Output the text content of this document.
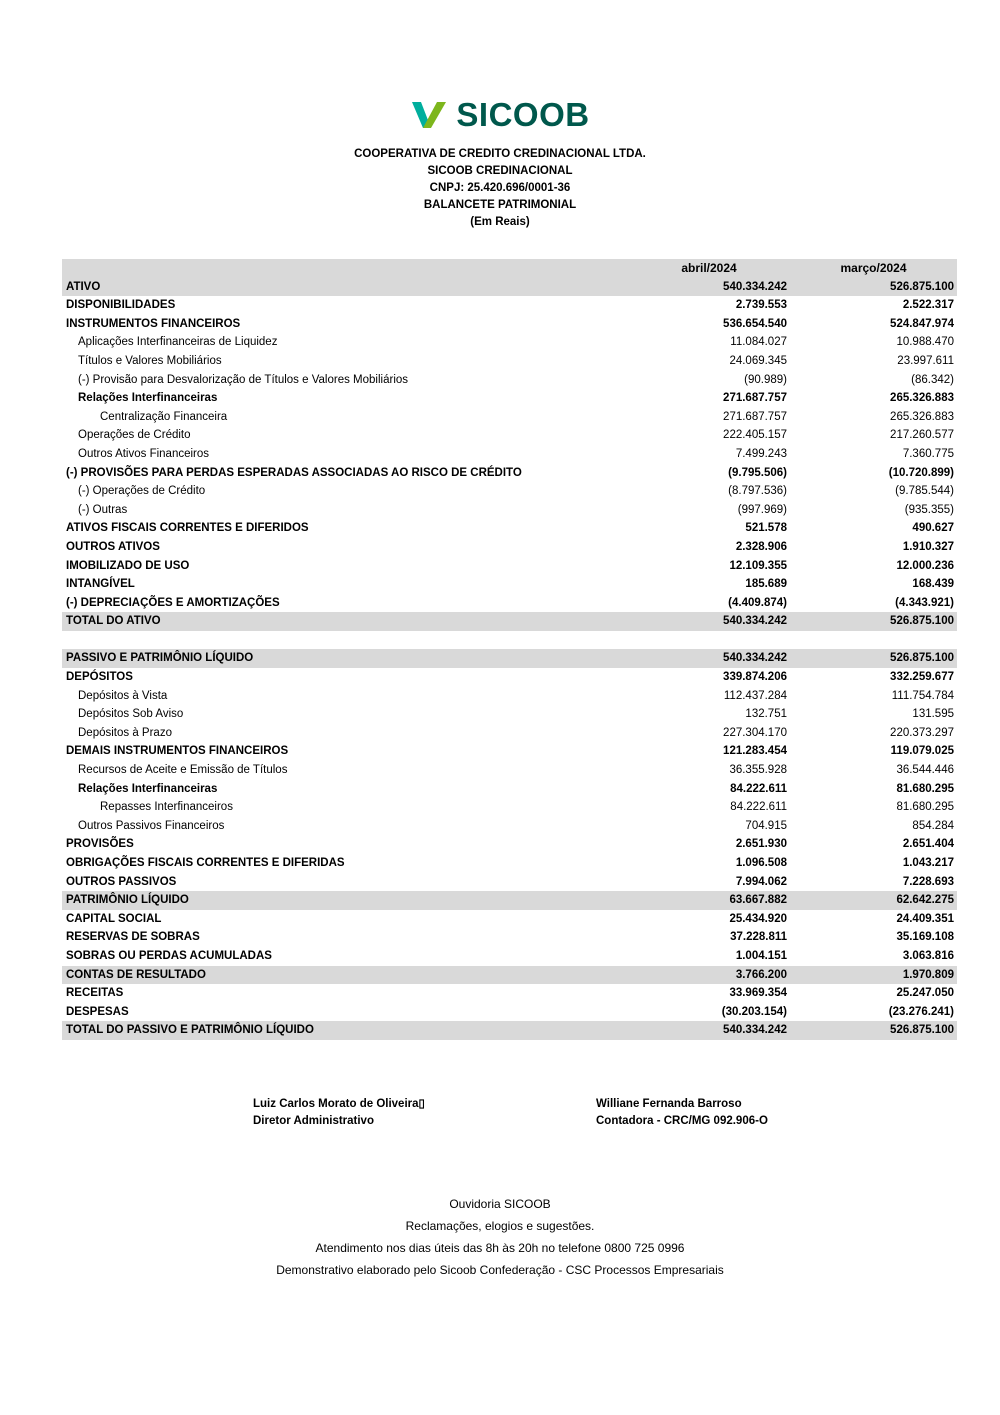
SICOOB
COOPERATIVA DE CREDITO CREDINACIONAL LTDA.
SICOOB CREDINACIONAL
CNPJ: 25.420.696/0001-36
BALANCETE PATRIMONIAL
(Em Reais)
	abril/2024	março/2024
ATIVO	540.334.242	526.875.100
DISPONIBILIDADES	2.739.553	2.522.317
INSTRUMENTOS FINANCEIROS	536.654.540	524.847.974
Aplicações Interfinanceiras de Liquidez	11.084.027	10.988.470
Títulos e Valores Mobiliários	24.069.345	23.997.611
(-) Provisão para Desvalorização de Títulos e Valores Mobiliários	(90.989)	(86.342)
Relações Interfinanceiras	271.687.757	265.326.883
Centralização Financeira	271.687.757	265.326.883
Operações de Crédito	222.405.157	217.260.577
Outros Ativos Financeiros	7.499.243	7.360.775
(-) PROVISÕES PARA PERDAS ESPERADAS ASSOCIADAS AO RISCO DE CRÉDITO	(9.795.506)	(10.720.899)
(-) Operações de Crédito	(8.797.536)	(9.785.544)
(-) Outras	(997.969)	(935.355)
ATIVOS FISCAIS CORRENTES E DIFERIDOS	521.578	490.627
OUTROS ATIVOS	2.328.906	1.910.327
IMOBILIZADO DE USO	12.109.355	12.000.236
INTANGÍVEL	185.689	168.439
(-) DEPRECIAÇÕES E AMORTIZAÇÕES	(4.409.874)	(4.343.921)
TOTAL DO ATIVO	540.334.242	526.875.100

PASSIVO E PATRIMÔNIO LÍQUIDO	540.334.242	526.875.100
DEPÓSITOS	339.874.206	332.259.677
Depósitos à Vista	112.437.284	111.754.784
Depósitos Sob Aviso	132.751	131.595
Depósitos à Prazo	227.304.170	220.373.297
DEMAIS INSTRUMENTOS FINANCEIROS	121.283.454	119.079.025
Recursos de Aceite e Emissão de Títulos	36.355.928	36.544.446
Relações Interfinanceiras	84.222.611	81.680.295
Repasses Interfinanceiros	84.222.611	81.680.295
Outros Passivos Financeiros	704.915	854.284
PROVISÕES	2.651.930	2.651.404
OBRIGAÇÕES FISCAIS CORRENTES E DIFERIDAS	1.096.508	1.043.217
OUTROS PASSIVOS	7.994.062	7.228.693
PATRIMÔNIO LÍQUIDO	63.667.882	62.642.275
CAPITAL SOCIAL	25.434.920	24.409.351
RESERVAS DE SOBRAS	37.228.811	35.169.108
SOBRAS OU PERDAS ACUMULADAS	1.004.151	3.063.816
CONTAS DE RESULTADO	3.766.200	1.970.809
RECEITAS	33.969.354	25.247.050
DESPESAS	(30.203.154)	(23.276.241)
TOTAL DO PASSIVO E PATRIMÔNIO LÍQUIDO	540.334.242	526.875.100
Luiz Carlos Morato de Oliveira▯
Diretor Administrativo
Williane Fernanda Barroso
Contadora - CRC/MG 092.906-O
Ouvidoria SICOOB
Reclamações, elogios e sugestões.
Atendimento nos dias úteis das 8h às 20h no telefone 0800 725 0996
Demonstrativo elaborado pelo Sicoob Confederação - CSC Processos Empresariais
